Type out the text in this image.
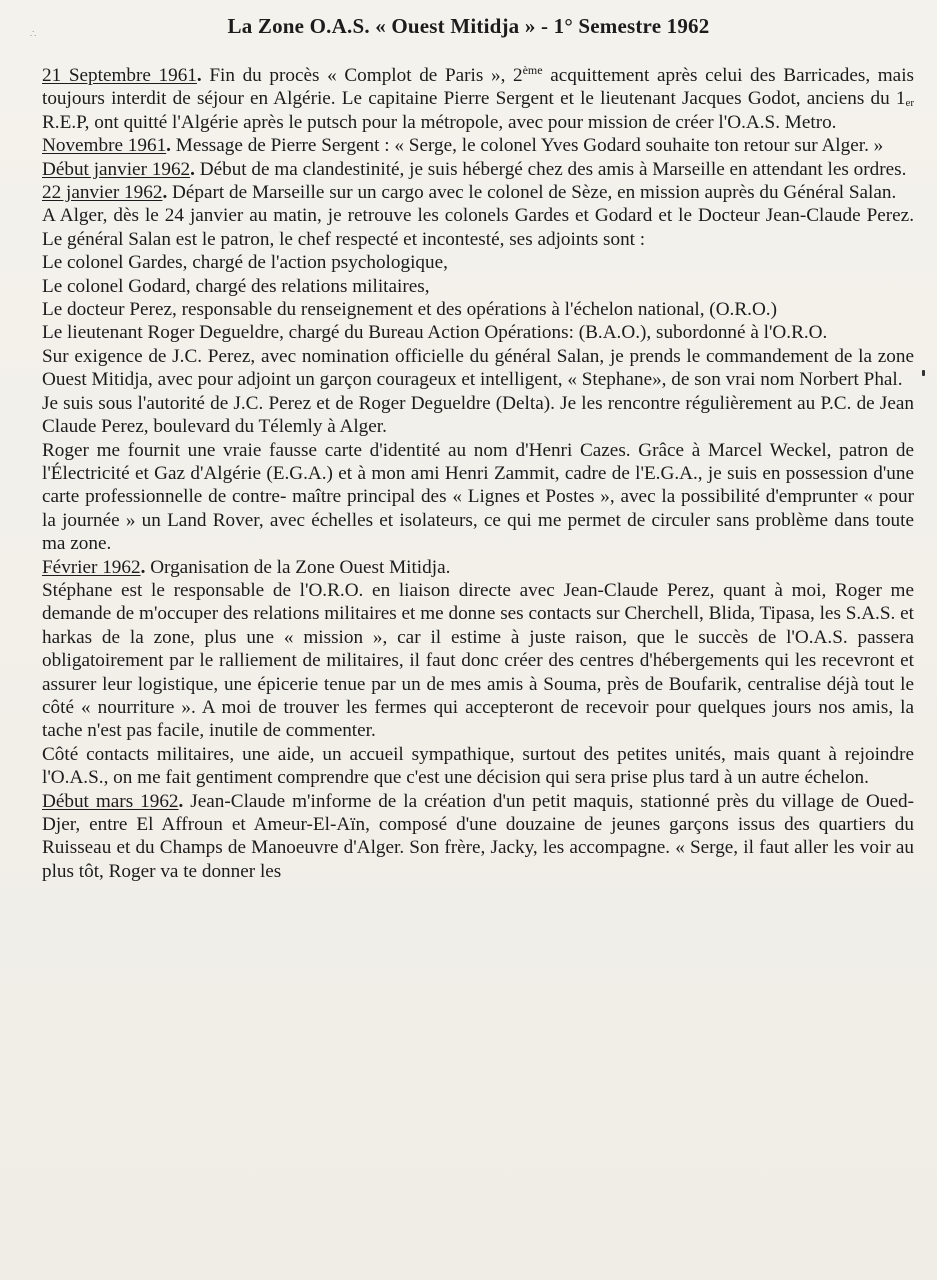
∴	La Zone O.A.S. « Ouest Mitidja » - 1° Semestre 1962

21 Septembre 1961. Fin du procès « Complot de Paris », 2ème acquittement après celui des Barricades, mais toujours interdit de séjour en Algérie. Le capitaine Pierre Sergent et le lieutenant Jacques Godot, anciens du $1_{er}$ R.E.P, ont quitté l'Algérie après le putsch pour la métropole, avec pour mission de créer l'O.A.S. Metro.

Novembre 1961. Message de Pierre Sergent : « Serge, le colonel Yves Godard souhaite ton retour sur Alger. »

Début janvier 1962. Début de ma clandestinité, je suis hébergé chez des amis à Marseille en attendant les ordres.

22 janvier 1962. Départ de Marseille sur un cargo avec le colonel de Sèze, en mission auprès du Général Salan.

A Alger, dès le 24 janvier au matin, je retrouve les colonels Gardes et Godard et le Docteur Jean-Claude Perez. Le général Salan est le patron, le chef respecté et incontesté, ses adjoints sont :

Le colonel Gardes, chargé de l'action psychologique,

Le colonel Godard, chargé des relations militaires,

Le docteur Perez, responsable du renseignement et des opérations à l'échelon national, (O.R.O.)

Le lieutenant Roger Degueldre, chargé du Bureau Action Opérations: (B.A.O.), subordonné à l'O.R.O.

Sur exigence de J.C. Perez, avec nomination officielle du général Salan, je prends le commandement de la zone Ouest Mitidja, avec pour adjoint un garçon courageux et intelligent, « Stephane», de son vrai nom Norbert Phal.

Je suis sous l'autorité de J.C. Perez et de Roger Degueldre (Delta). Je les rencontre régulièrement au P.C. de Jean Claude Perez, boulevard du Télemly à Alger.

Roger me fournit une vraie fausse carte d'identité au nom d'Henri Cazes. Grâce à Marcel Weckel, patron de l'Électricité et Gaz d'Algérie (E.G.A.) et à mon ami Henri Zammit, cadre de l'E.G.A., je suis en possession d'une carte professionnelle de contre- maître principal des « Lignes et Postes », avec la possibilité d'emprunter « pour la journée » un Land Rover, avec échelles et isolateurs, ce qui me permet de circuler sans problème dans toute ma zone.

Février 1962. Organisation de la Zone Ouest Mitidja.

Stéphane est le responsable de l'O.R.O. en liaison directe avec Jean-Claude Perez, quant à moi, Roger me demande de m'occuper des relations militaires et me donne ses contacts sur Cherchell, Blida, Tipasa, les S.A.S. et harkas de la zone, plus une « mission », car il estime à juste raison, que le succès de l'O.A.S. passera obligatoirement par le ralliement de militaires, il faut donc créer des centres d'hébergements qui les recevront et assurer leur logistique, une épicerie tenue par un de mes amis à Souma, près de Boufarik, centralise déjà tout le côté « nourriture ». A moi de trouver les fermes qui accepteront de recevoir pour quelques jours nos amis, la tache n'est pas facile, inutile de commenter.

Côté contacts militaires, une aide, un accueil sympathique, surtout des petites unités, mais quant à rejoindre l'O.A.S., on me fait gentiment comprendre que c'est une décision qui sera prise plus tard à un autre échelon.

Début mars 1962. Jean-Claude m'informe de la création d'un petit maquis, stationné près du village de Oued-Djer, entre El Affroun et Ameur-El-Aïn, composé d'une douzaine de jeunes garçons issus des quartiers du Ruisseau et du Champs de Manoeuvre d'Alger. Son frère, Jacky, les accompagne. « Serge, il faut aller les voir au plus tôt, Roger va te donner les
